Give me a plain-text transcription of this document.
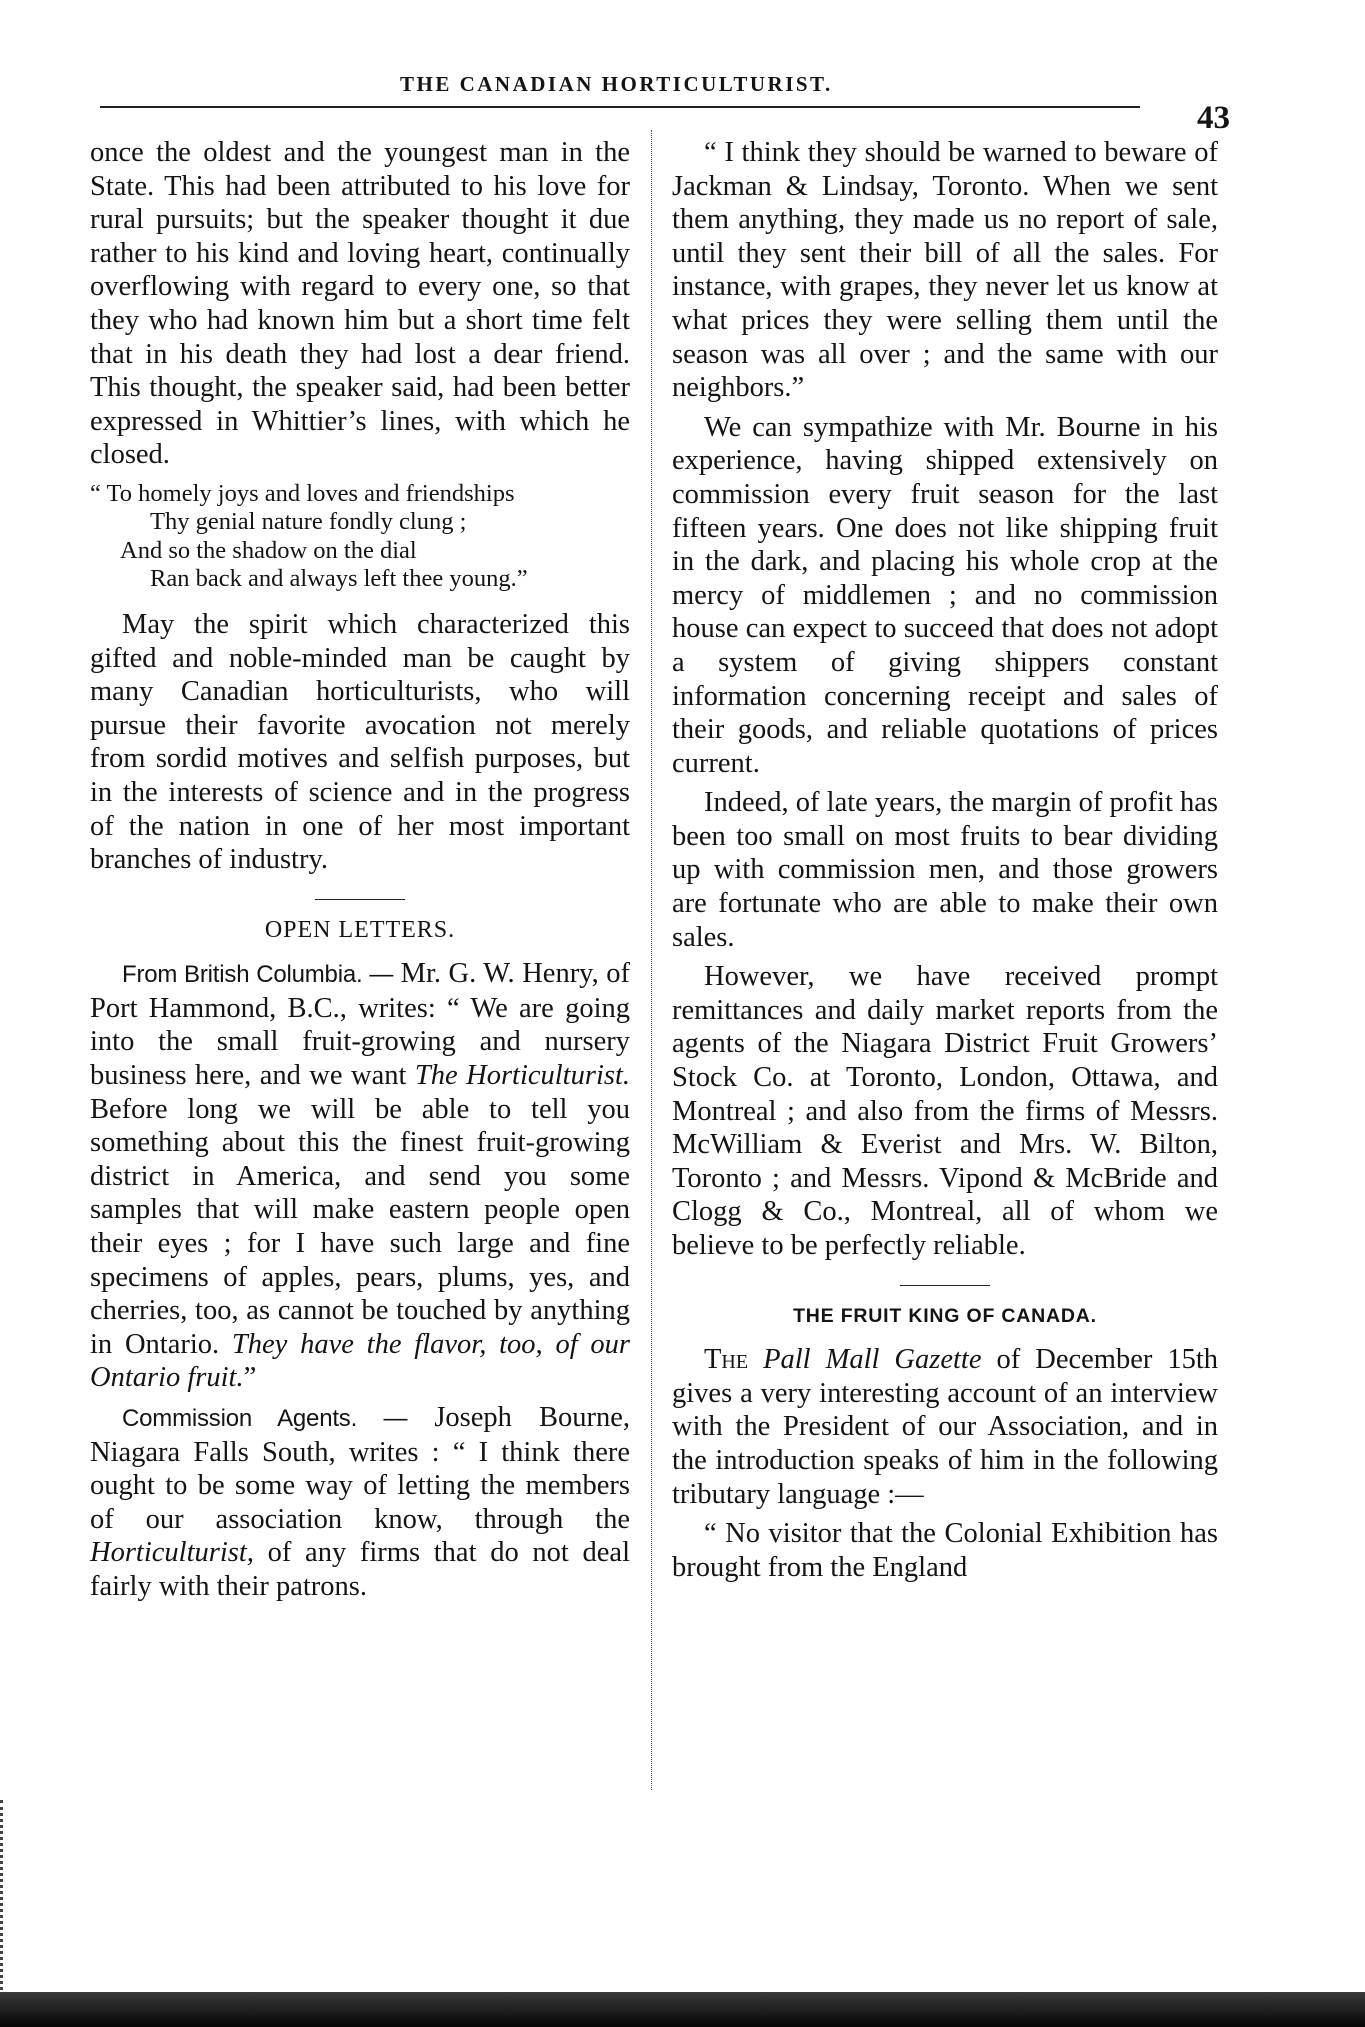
THE CANADIAN HORTICULTURIST.
43

once the oldest and the youngest man in the State. This had been attributed to his love for rural pursuits; but the speaker thought it due rather to his kind and loving heart, continually overflowing with regard to every one, so that they who had known him but a short time felt that in his death they had lost a dear friend. This thought, the speaker said, had been better expressed in Whittier’s lines, with which he closed.

“ To homely joys and loves and friendships
Thy genial nature fondly clung ;
And so the shadow on the dial
Ran back and always left thee young.”

May the spirit which characterized this gifted and noble-minded man be caught by many Canadian horticulturists, who will pursue their favorite avocation not merely from sordid motives and selfish purposes, but in the interests of science and in the progress of the nation in one of her most important branches of industry.

OPEN LETTERS.

From British Columbia. — Mr. G. W. Henry, of Port Hammond, B.C., writes: “ We are going into the small fruit-growing and nursery business here, and we want The Horticulturist. Before long we will be able to tell you something about this the finest fruit-growing district in America, and send you some samples that will make eastern people open their eyes ; for I have such large and fine specimens of apples, pears, plums, yes, and cherries, too, as cannot be touched by anything in Ontario. They have the flavor, too, of our Ontario fruit.”

Commission Agents. — Joseph Bourne, Niagara Falls South, writes : “ I think there ought to be some way of letting the members of our association know, through the Horticulturist, of any firms that do not deal fairly with their patrons.

“ I think they should be warned to beware of Jackman & Lindsay, Toronto. When we sent them anything, they made us no report of sale, until they sent their bill of all the sales. For instance, with grapes, they never let us know at what prices they were selling them until the season was all over ; and the same with our neighbors.”

We can sympathize with Mr. Bourne in his experience, having shipped extensively on commission every fruit season for the last fifteen years. One does not like shipping fruit in the dark, and placing his whole crop at the mercy of middlemen ; and no commission house can expect to succeed that does not adopt a system of giving shippers constant information concerning receipt and sales of their goods, and reliable quotations of prices current.

Indeed, of late years, the margin of profit has been too small on most fruits to bear dividing up with commission men, and those growers are fortunate who are able to make their own sales.

However, we have received prompt remittances and daily market reports from the agents of the Niagara District Fruit Growers’ Stock Co. at Toronto, London, Ottawa, and Montreal ; and also from the firms of Messrs. McWilliam & Everist and Mrs. W. Bilton, Toronto ; and Messrs. Vipond & McBride and Clogg & Co., Montreal, all of whom we believe to be perfectly reliable.

THE FRUIT KING OF CANADA.

The Pall Mall Gazette of December 15th gives a very interesting account of an interview with the President of our Association, and in the introduction speaks of him in the following tributary language :—

“ No visitor that the Colonial Exhibition has brought from the England
